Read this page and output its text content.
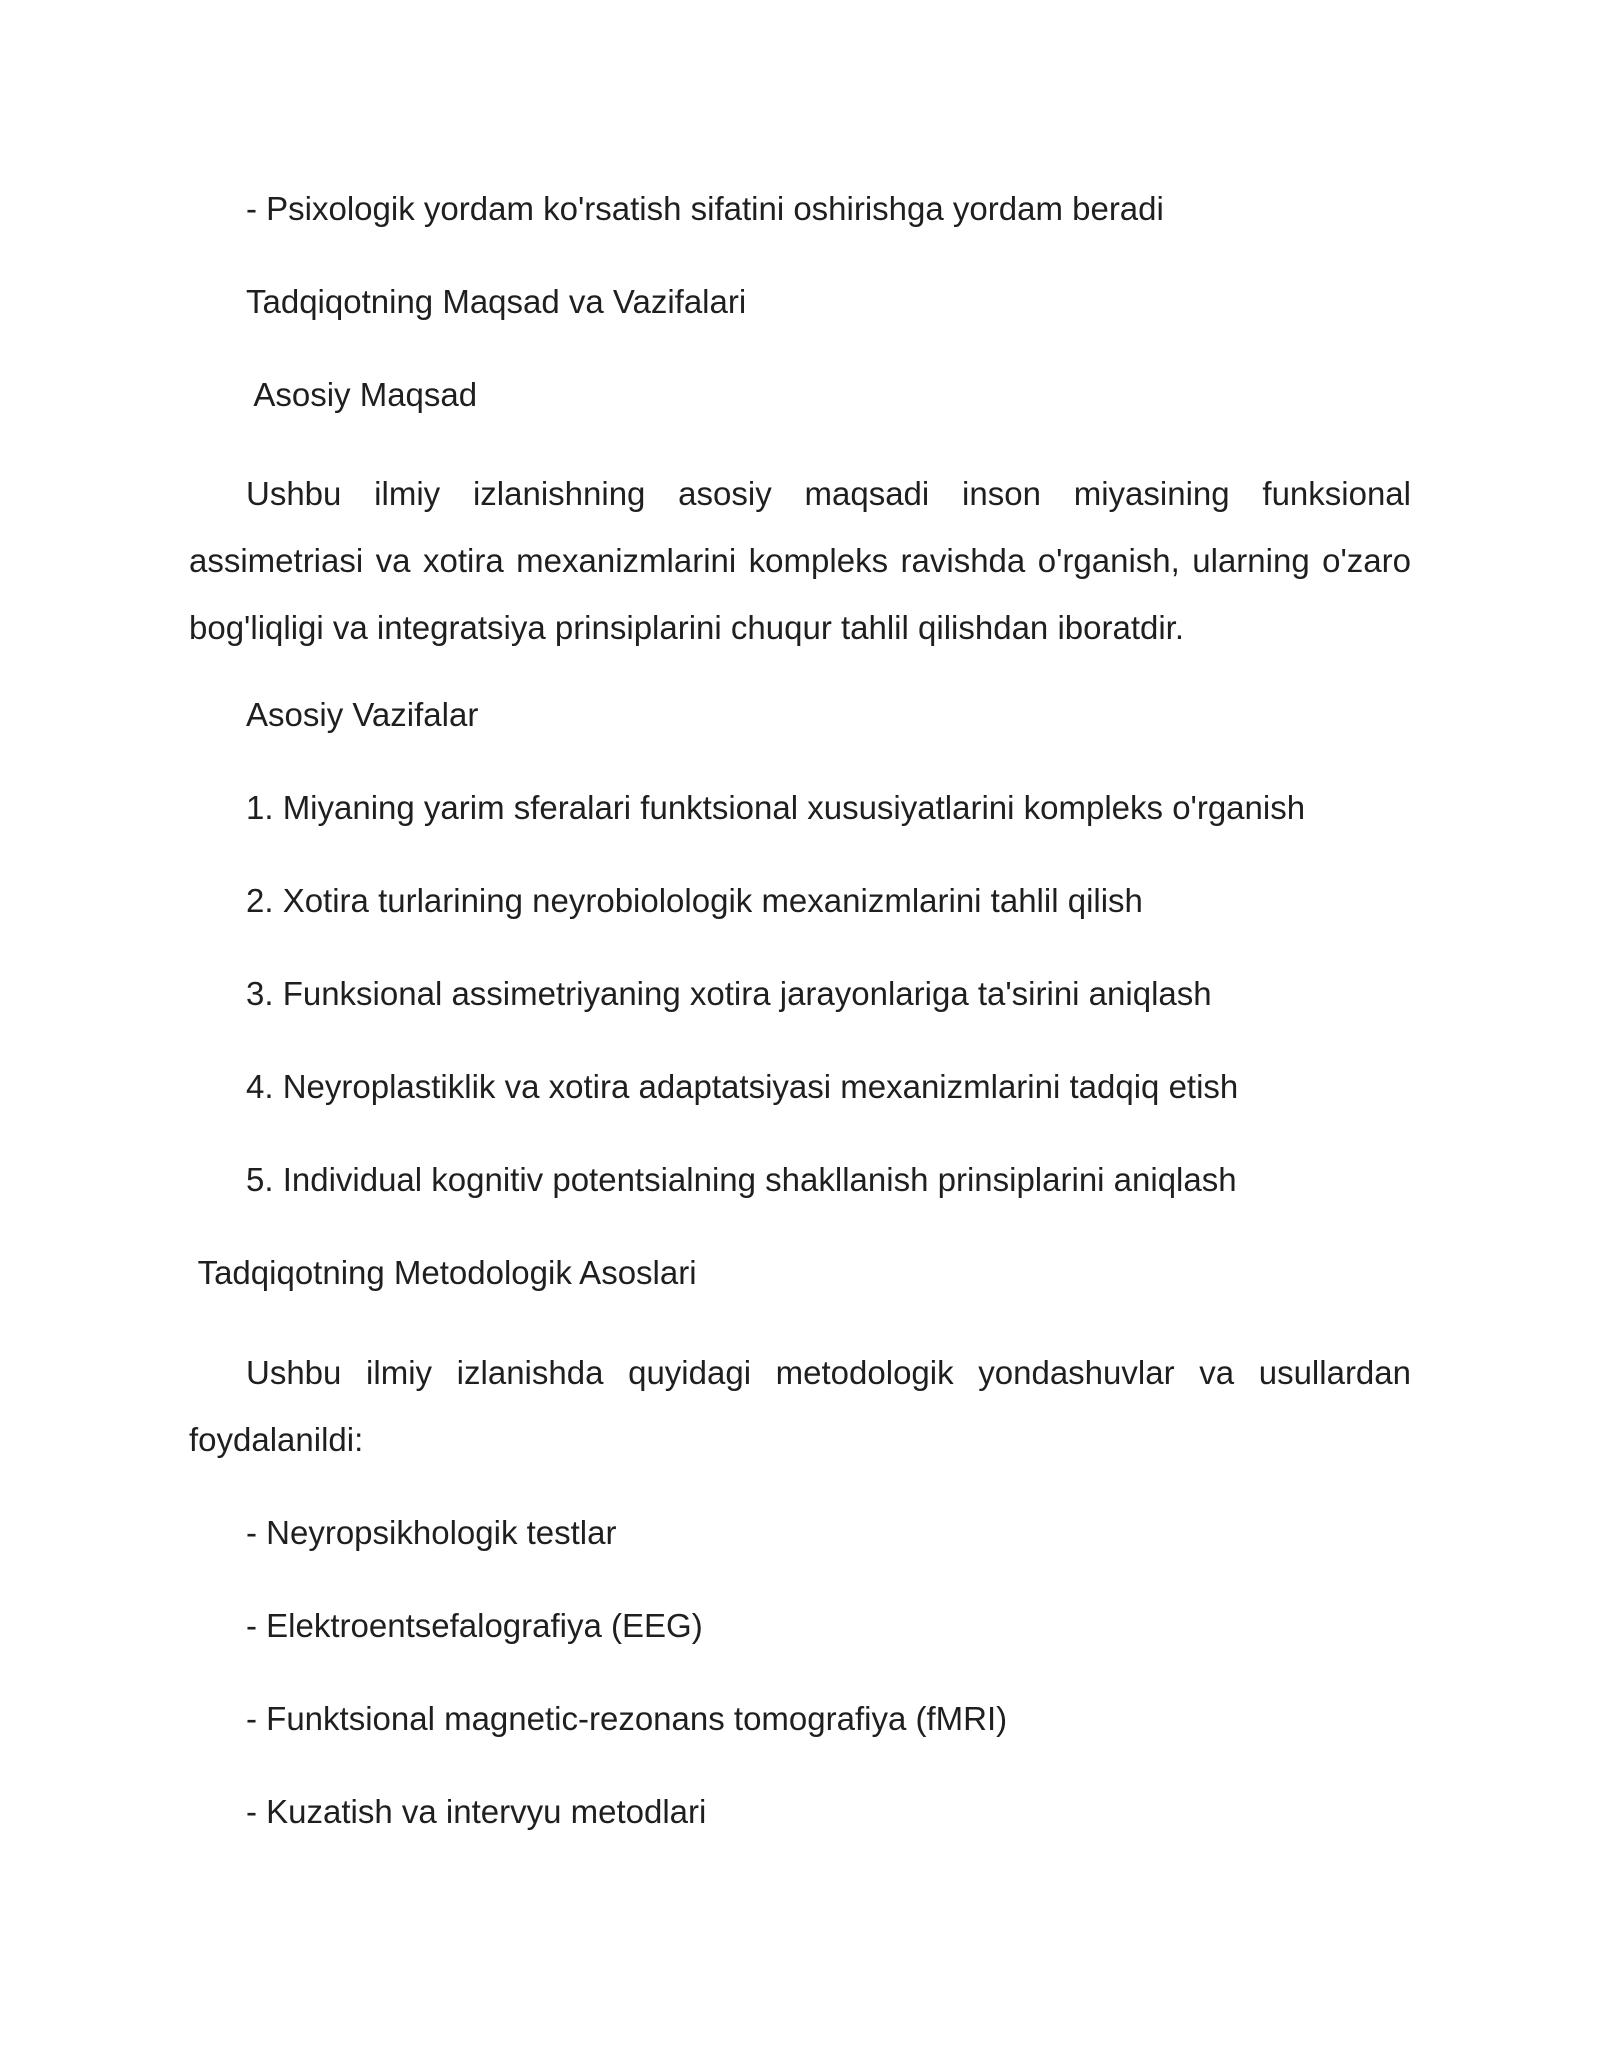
- Psixologik yordam ko'rsatish sifatini oshirishga yordam beradi

Tadqiqotning Maqsad va Vazifalari

Asosiy Maqsad

Ushbu ilmiy izlanishning asosiy maqsadi inson miyasining funksional assimetriasi va xotira mexanizmlarini kompleks ravishda o'rganish, ularning o'zaro bog'liqligi va integratsiya prinsiplarini chuqur tahlil qilishdan iboratdir.

Asosiy Vazifalar

1. Miyaning yarim sferalari funktsional xususiyatlarini kompleks o'rganish

2. Xotira turlarining neyrobiolologik mexanizmlarini tahlil qilish

3. Funksional assimetriyaning xotira jarayonlariga ta'sirini aniqlash

4. Neyroplastiklik va xotira adaptatsiyasi mexanizmlarini tadqiq etish

5. Individual kognitiv potentsialning shakllanish prinsiplarini aniqlash

Tadqiqotning Metodologik Asoslari

Ushbu ilmiy izlanishda quyidagi metodologik yondashuvlar va usullardan foydalanildi:

- Neyropsikhologik testlar

- Elektroentsefalografiya (EEG)

- Funktsional magnetic-rezonans tomografiya (fMRI)

- Kuzatish va intervyu metodlari
